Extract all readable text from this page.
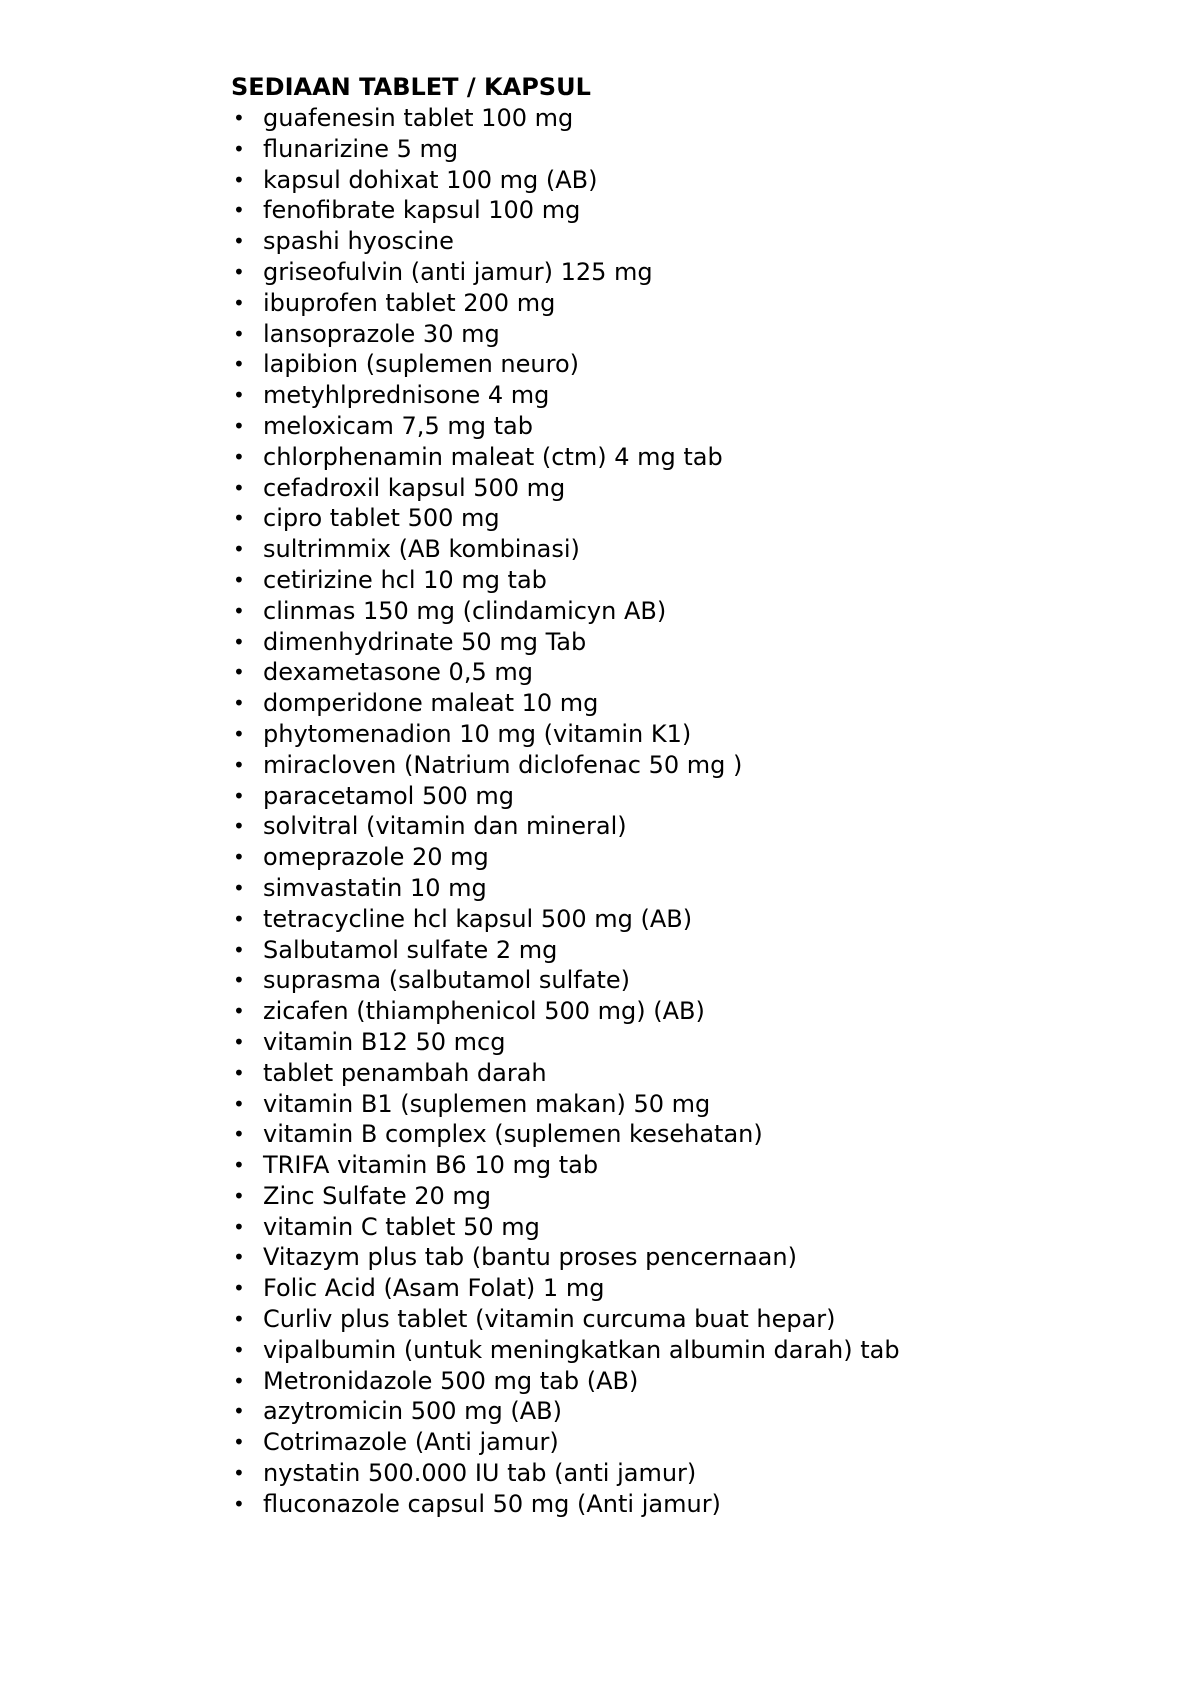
SEDIAAN TABLET / KAPSUL
• guafenesin tablet 100 mg
• flunarizine 5 mg
• kapsul dohixat 100 mg (AB)
• fenofibrate kapsul 100 mg
• spashi hyoscine
• griseofulvin (anti jamur) 125 mg
• ibuprofen tablet 200 mg
• lansoprazole 30 mg
• lapibion (suplemen neuro)
• metyhlprednisone 4 mg
• meloxicam 7,5 mg tab
• chlorphenamin maleat (ctm) 4 mg tab
• cefadroxil kapsul 500 mg
• cipro tablet 500 mg
• sultrimmix (AB kombinasi)
• cetirizine hcl 10 mg tab
• clinmas 150 mg (clindamicyn AB)
• dimenhydrinate 50 mg Tab
• dexametasone 0,5 mg
• domperidone maleat 10 mg
• phytomenadion 10 mg (vitamin K1)
• miracloven (Natrium diclofenac 50 mg )
• paracetamol 500 mg
• solvitral (vitamin dan mineral)
• omeprazole 20 mg
• simvastatin 10 mg
• tetracycline hcl kapsul 500 mg (AB)
• Salbutamol sulfate 2 mg
• suprasma (salbutamol sulfate)
• zicafen (thiamphenicol 500 mg) (AB)
• vitamin B12 50 mcg
• tablet penambah darah
• vitamin B1 (suplemen makan) 50 mg
• vitamin B complex (suplemen kesehatan)
• TRIFA vitamin B6 10 mg tab
• Zinc Sulfate 20 mg
• vitamin C tablet 50 mg
• Vitazym plus tab (bantu proses pencernaan)
• Folic Acid (Asam Folat) 1 mg
• Curliv plus tablet (vitamin curcuma buat hepar)
• vipalbumin (untuk meningkatkan albumin darah) tab
• Metronidazole 500 mg tab (AB)
• azytromicin 500 mg (AB)
• Cotrimazole (Anti jamur)
• nystatin 500.000 IU tab (anti jamur)
• fluconazole capsul 50 mg (Anti jamur)
